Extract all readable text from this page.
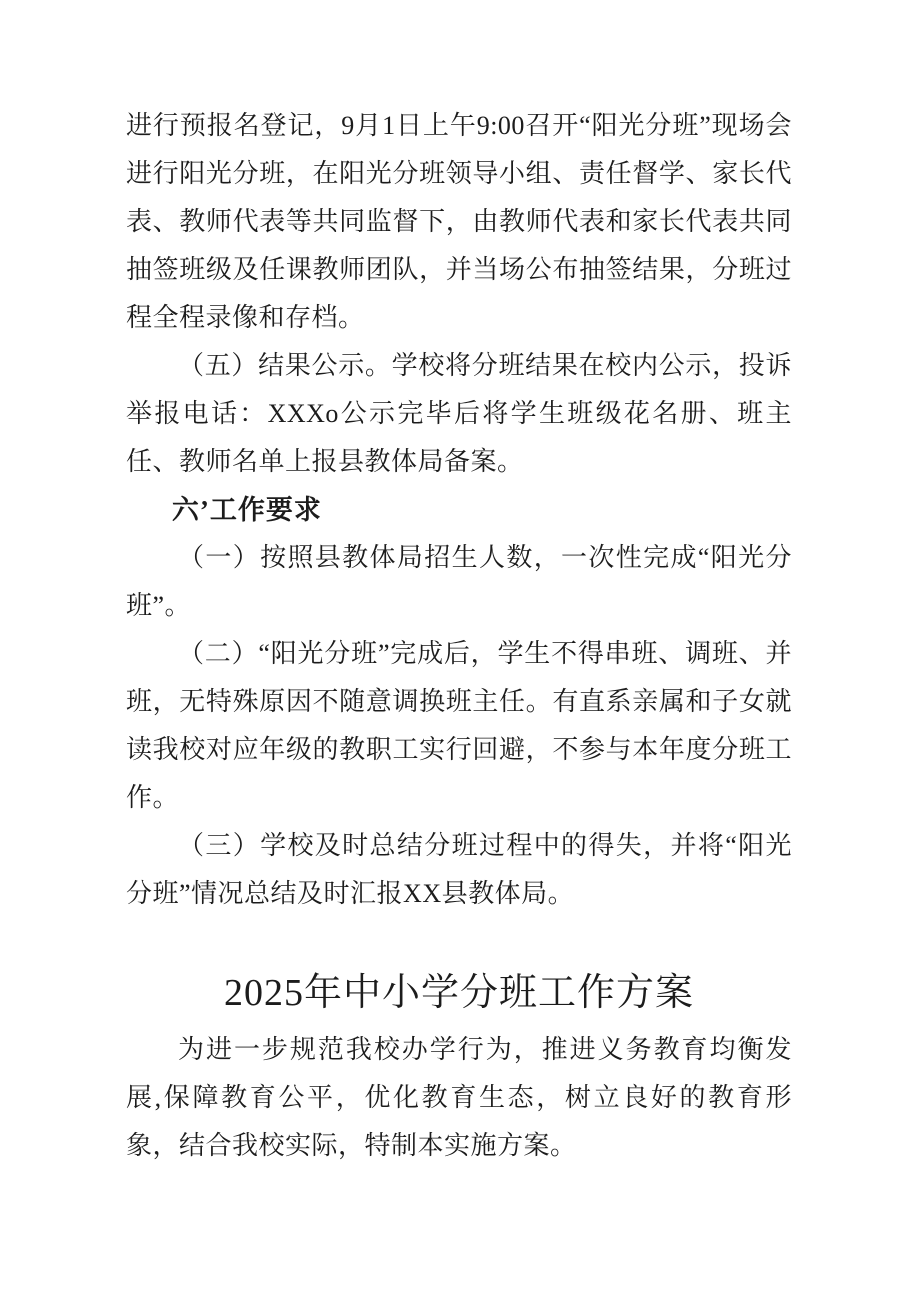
进行预报名登记，9月1日上午9:00召开“阳光分班”现场会进行阳光分班，在阳光分班领导小组、责任督学、家长代表、教师代表等共同监督下，由教师代表和家长代表共同抽签班级及任课教师团队，并当场公布抽签结果，分班过程全程录像和存档。

（五）结果公示。学校将分班结果在校内公示，投诉举报电话：XXXo公示完毕后将学生班级花名册、班主任、教师名单上报县教体局备案。

六’工作要求

（一）按照县教体局招生人数，一次性完成“阳光分班”。

（二）“阳光分班”完成后，学生不得串班、调班、并班，无特殊原因不随意调换班主任。有直系亲属和子女就读我校对应年级的教职工实行回避，不参与本年度分班工作。

（三）学校及时总结分班过程中的得失，并将“阳光分班”情况总结及时汇报XX县教体局。

2025年中小学分班工作方案

为进一步规范我校办学行为，推进义务教育均衡发展,保障教育公平，优化教育生态，树立良好的教育形象，结合我校实际，特制本实施方案。
